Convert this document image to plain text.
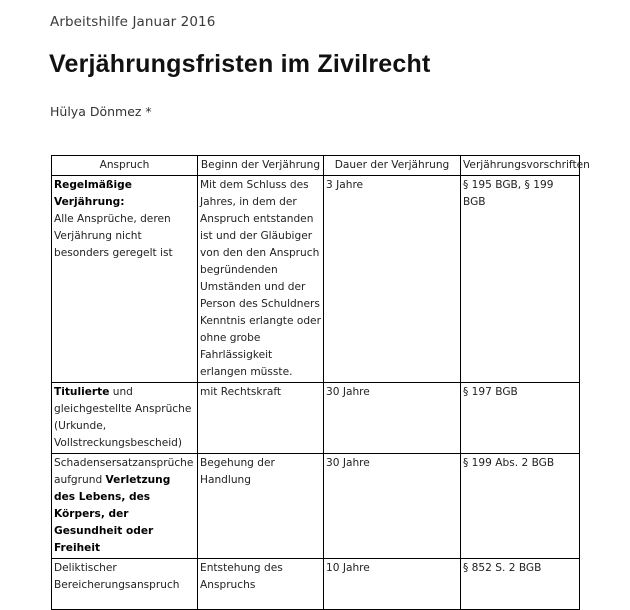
Arbeitshilfe Januar 2016
Verjährungsfristen im Zivilrecht
Hülya Dönmez *
Anspruch	Beginn der Verjährung	Dauer der Verjährung	Verjährungsvorschriften
Regelmäßige Verjährung:
Alle Ansprüche, deren Verjährung nicht besonders geregelt ist	Mit dem Schluss des Jahres, in dem der Anspruch entstanden ist und der Gläubiger von den den Anspruch begründenden Umständen und der Person des Schuldners Kenntnis erlangte oder ohne grobe Fahrlässigkeit erlangen müsste.	3 Jahre	§ 195 BGB, § 199 BGB
Titulierte und gleichgestellte Ansprüche (Urkunde, Vollstreckungsbescheid)	mit Rechtskraft	30 Jahre	§ 197 BGB
Schadensersatzansprüche aufgrund Verletzung des Lebens, des Körpers, der Gesundheit oder Freiheit	Begehung der Handlung	30 Jahre	§ 199 Abs. 2 BGB
Deliktischer Bereicherungsanspruch	Entstehung des Anspruchs	10 Jahre	§ 852 S. 2 BGB
